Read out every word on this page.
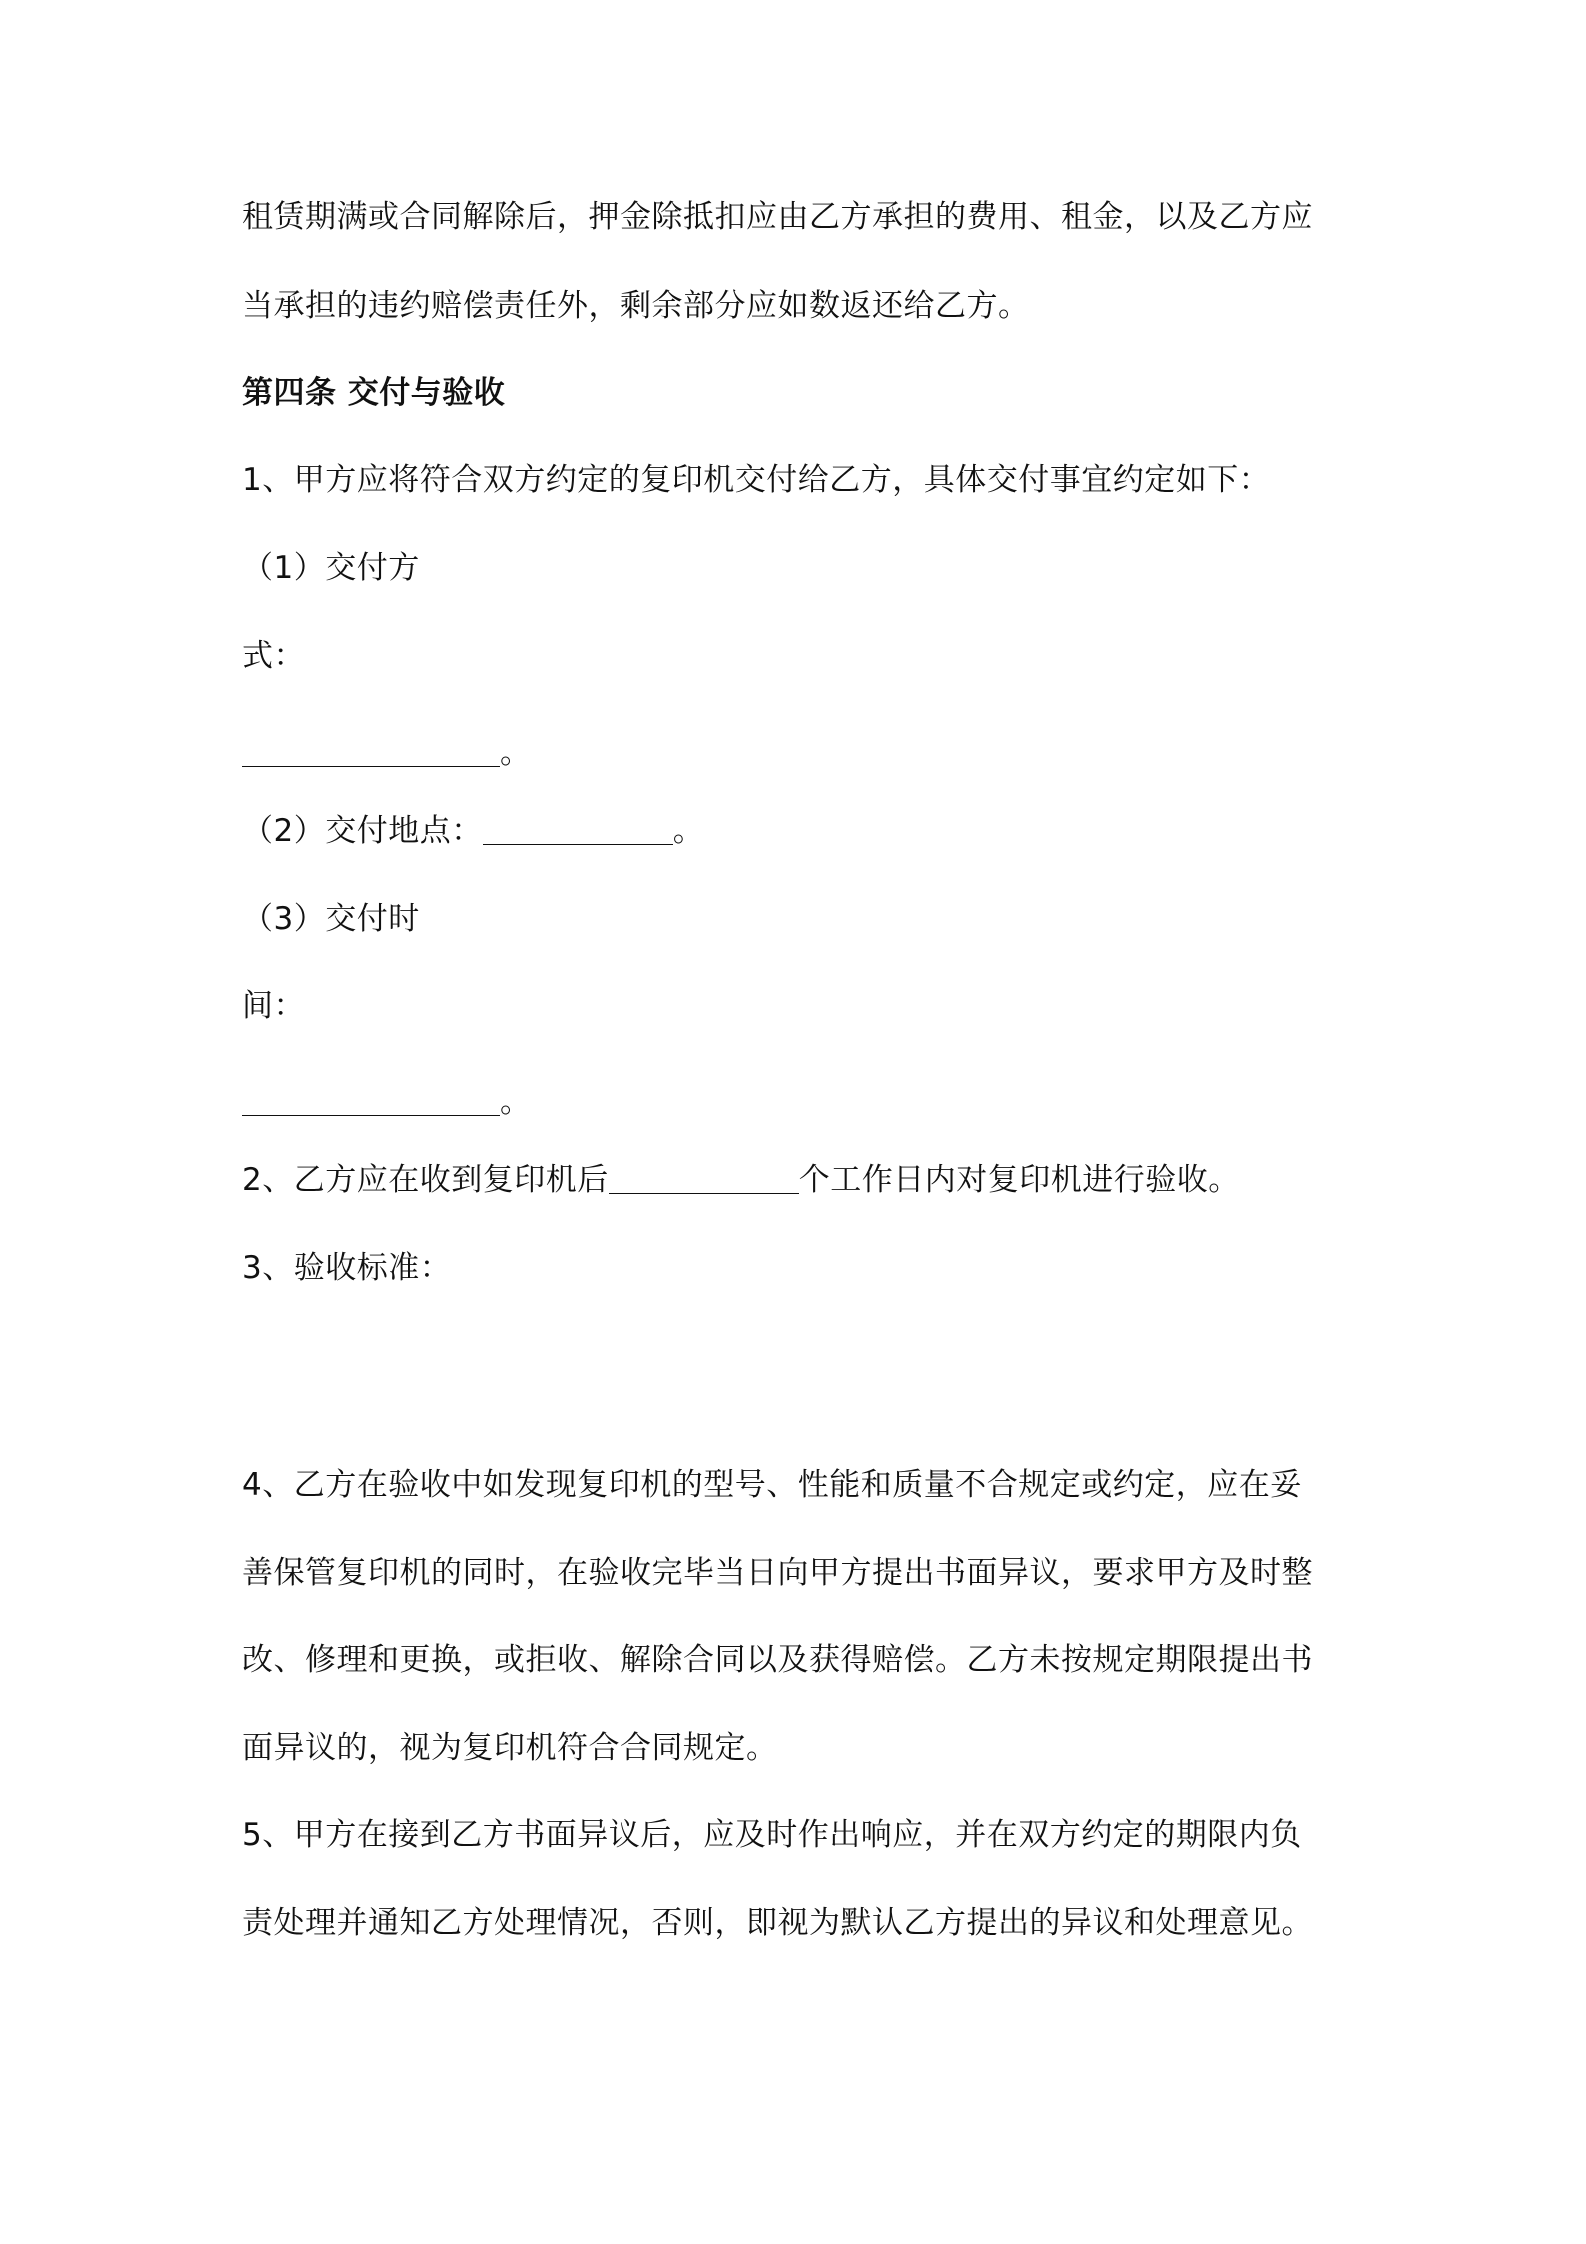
租赁期满或合同解除后，押金除抵扣应由乙方承担的费用、租金，以及乙方应
当承担的违约赔偿责任外，剩余部分应如数返还给乙方。
第四条 交付与验收
1、甲方应将符合双方约定的复印机交付给乙方，具体交付事宜约定如下：
（1）交付方
式：
。
（2）交付地点：	。
（3）交付时
间：
。
2、乙方应在收到复印机后	个工作日内对复印机进行验收。
3、验收标准：
4、乙方在验收中如发现复印机的型号、性能和质量不合规定或约定，应在妥
善保管复印机的同时，在验收完毕当日向甲方提出书面异议，要求甲方及时整
改、修理和更换，或拒收、解除合同以及获得赔偿。乙方未按规定期限提出书
面异议的，视为复印机符合合同规定。
5、甲方在接到乙方书面异议后，应及时作出响应，并在双方约定的期限内负
责处理并通知乙方处理情况，否则，即视为默认乙方提出的异议和处理意见。
